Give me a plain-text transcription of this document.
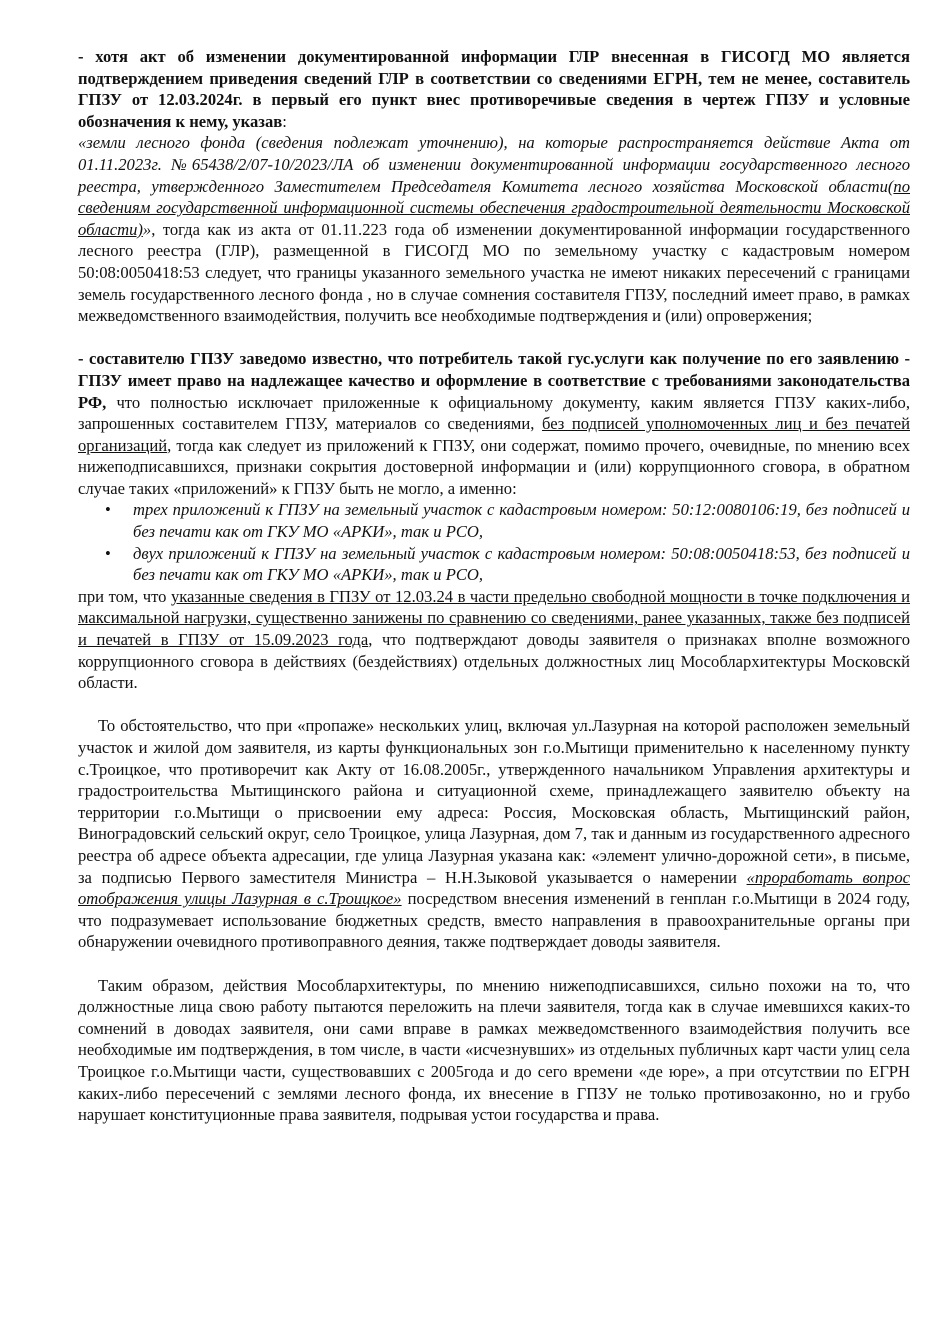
- хотя акт об изменении документированной информации ГЛР внесенная в ГИСОГД МО является подтверждением приведения сведений ГЛР в соответствии со сведениями ЕГРН, тем не менее, составитель ГПЗУ от 12.03.2024г. в первый его пункт внес противоречивые сведения в чертеж ГПЗУ и условные обозначения к нему, указав:
«земли лесного фонда (сведения подлежат уточнению), на которые распространяется действие Акта от 01.11.2023г. №65438/2/07-10/2023/ЛА об изменении документированной информации государственного лесного реестра, утвержденного Заместителем Председателя Комитета лесного хозяйства Московской области(по сведениям государственной информационной системы обеспечения градостроительной деятельности Московской области)», тогда как из акта от 01.11.223 года об изменении документированной информации государственного лесного реестра (ГЛР), размещенной в ГИСОГД МО по земельному участку с кадастровым номером 50:08:0050418:53 следует, что границы указанного земельного участка не имеют никаких пересечений с границами земель государственного лесного фонда , но в случае сомнения составителя ГПЗУ, последний имеет право, в рамках межведомственного взаимодействия, получить все необходимые подтверждения и (или) опровержения;

- составителю ГПЗУ заведомо известно, что потребитель такой гус.услуги как получение по его заявлению - ГПЗУ имеет право на надлежащее качество и оформление в соответствие с требованиями законодательства РФ, что полностью исключает приложенные к официальному документу, каким является ГПЗУ каких-либо, запрошенных составителем ГПЗУ, материалов со сведениями, без подписей уполномоченных лиц и без печатей организаций, тогда как следует из приложений к ГПЗУ, они содержат, помимо прочего, очевидные, по мнению всех нижеподписавшихся, признаки сокрытия достоверной информации и (или) коррупционного сговора, в обратном случае таких «приложений» к ГПЗУ быть не могло, а именно:

• трех приложений к ГПЗУ на земельный участок с кадастровым номером: 50:12:0080106:19, без подписей и без печати как от ГКУ МО «АРКИ», так и РСО,
• двух приложений к ГПЗУ на земельный участок с кадастровым номером: 50:08:0050418:53, без подписей и без печати как от ГКУ МО «АРКИ», так и РСО,

при том, что указанные сведения в ГПЗУ от 12.03.24 в части предельно свободной мощности в точке подключения и максимальной нагрузки, существенно занижены по сравнению со сведениями, ранее указанных, также без подписей и печатей в ГПЗУ от 15.09.2023 года, что подтверждают доводы заявителя о признаках вполне возможного коррупционного сговора в действиях (бездействиях) отдельных должностных лиц Мособлархитектуры Московскй области.

То обстоятельство, что при «пропаже» нескольких улиц, включая ул.Лазурная на которой расположен земельный участок и жилой дом заявителя, из карты функциональных зон г.о.Мытищи применительно к населенному пункту с.Троицкое, что противоречит как Акту от 16.08.2005г., утвержденного начальником Управления архитектуры и градостроительства Мытищинского района и ситуационной схеме, принадлежащего заявителю объекту на территории г.о.Мытищи о присвоении ему адреса: Россия, Московская область, Мытищинский район, Виноградовский сельский округ, село Троицкое, улица Лазурная, дом 7, так и данным из государственного адресного реестра об адресе объекта адресации, где улица Лазурная указана как: «элемент улично-дорожной сети», в письме, за подписью Первого заместителя Министра – Н.Н.Зыковой указывается о намерении «проработать вопрос отображения улицы Лазурная в с.Троицкое» посредством внесения изменений в генплан г.о.Мытищи в 2024 году, что подразумевает использование бюджетных средств, вместо направления в правоохранительные органы при обнаружении очевидного противоправного деяния, также подтверждает доводы заявителя.

Таким образом, действия Мособлархитектуры, по мнению нижеподписавшихся, сильно похожи на то, что должностные лица свою работу пытаются переложить на плечи заявителя, тогда как в случае имевшихся каких-то сомнений в доводах заявителя, они сами вправе в рамках межведомственного взаимодействия получить все необходимые им подтверждения, в том числе, в части «исчезнувших» из отдельных публичных карт части улиц села Троицкое г.о.Мытищи части, существовавших с 2005года и до сего времени «де юре», а при отсутствии по ЕГРН каких-либо пересечений с землями лесного фонда, их внесение в ГПЗУ не только противозаконно, но и грубо нарушает конституционные права заявителя, подрывая устои государства и права.
